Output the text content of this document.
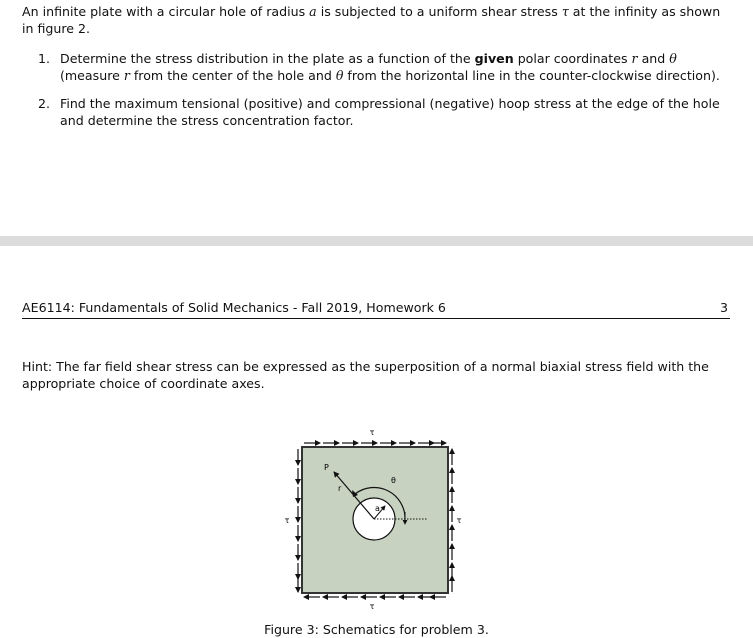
An infinite plate with a circular hole of radius a is subjected to a uniform shear stress τ at the infinity as shown in figure 2.
1. Determine the stress distribution in the plate as a function of the given polar coordinates r and θ (measure r from the center of the hole and θ from the horizontal line in the counter-clockwise direction).
2. Find the maximum tensional (positive) and compressional (negative) hoop stress at the edge of the hole and determine the stress concentration factor.
AE6114: Fundamentals of Solid Mechanics - Fall 2019, Homework 6	3
Hint: The far field shear stress can be expressed as the superposition of a normal biaxial stress field with the appropriate choice of coordinate axes.
τ
τ
τ	τ
a
P
r
θ
Figure 3: Schematics for problem 3.
